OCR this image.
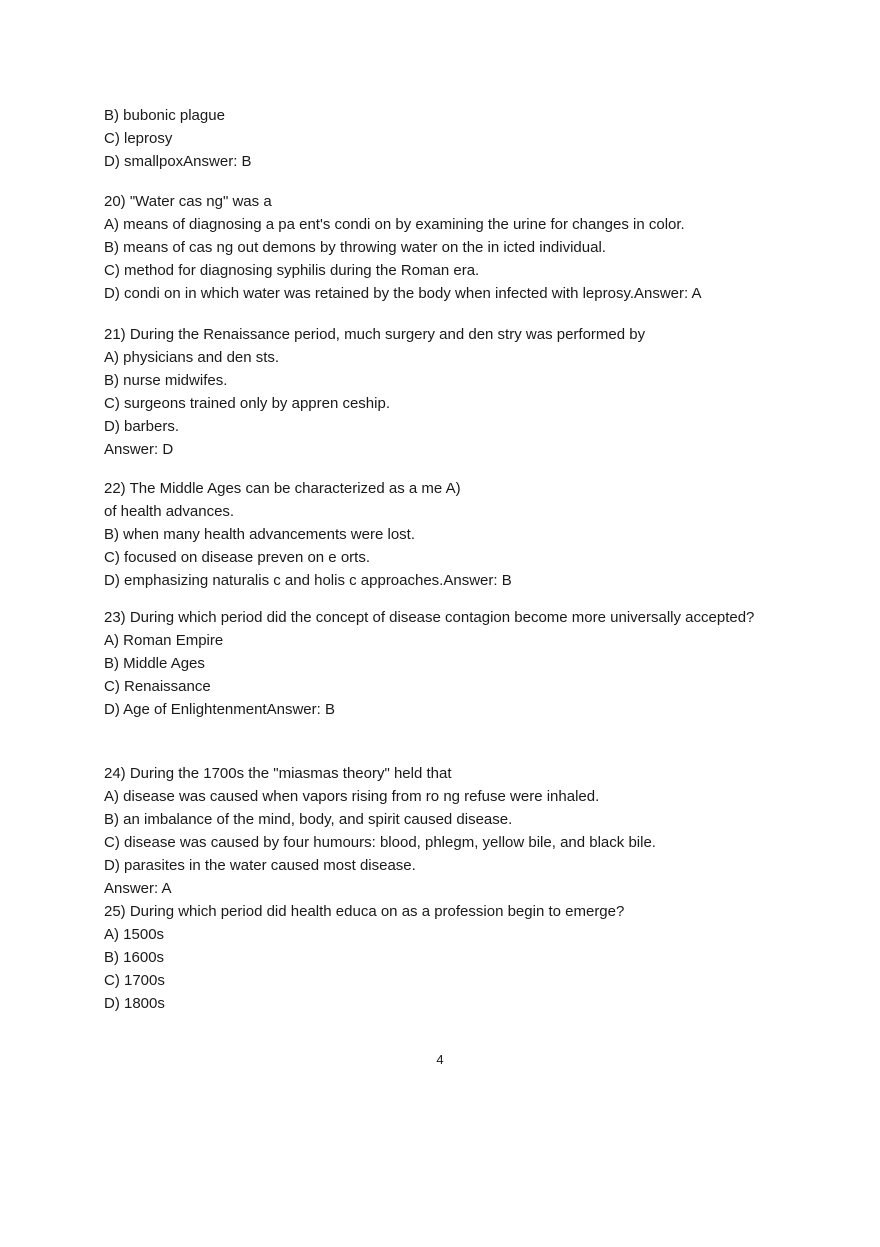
B) bubonic plague
C) leprosy
D) smallpoxAnswer: B
20) "Water cas ng" was a
A) means of diagnosing a pa ent's condi on by examining the urine for changes in color.
B) means of cas ng out demons by throwing water on the in icted individual.
C) method for diagnosing syphilis during the Roman era.
D) condi on in which water was retained by the body when infected with leprosy.Answer: A
21) During the Renaissance period, much surgery and den stry was performed by
A) physicians and den sts.
B) nurse midwifes.
C) surgeons trained only by appren ceship.
D) barbers.
Answer: D
22) The Middle Ages can be characterized as a me A)
of health advances.
B) when many health advancements were lost.
C) focused on disease preven on e orts.
D) emphasizing naturalis c and holis c approaches.Answer: B
23) During which period did the concept of disease contagion become more universally accepted?
A) Roman Empire
B) Middle Ages
C) Renaissance
D) Age of EnlightenmentAnswer: B
24) During the 1700s the "miasmas theory" held that
A) disease was caused when vapors rising from ro ng refuse were inhaled.
B) an imbalance of the mind, body, and spirit caused disease.
C) disease was caused by four humours: blood, phlegm, yellow bile, and black bile.
D) parasites in the water caused most disease.
Answer: A
25) During which period did health educa on as a profession begin to emerge?
A) 1500s
B) 1600s
C) 1700s
D) 1800s
4
